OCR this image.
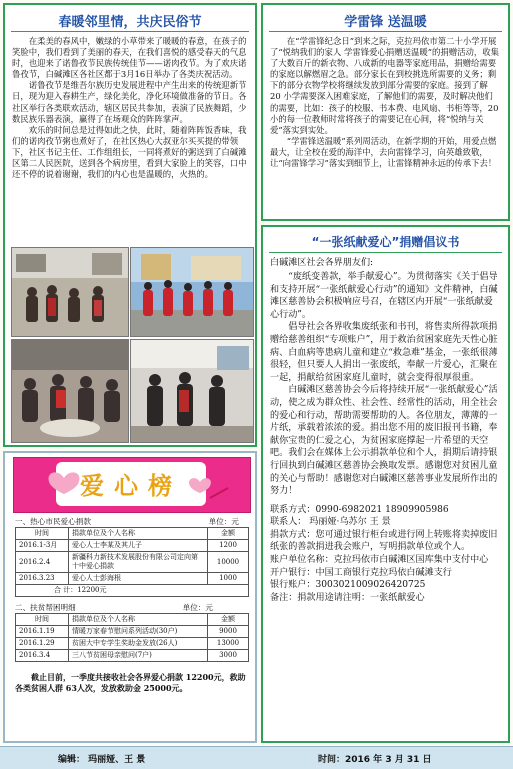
春暖邻里情，共庆民俗节

在柔美的春风中，嫩绿的小草带来了暖暖的春意，在孩子的笑脸中，我们看到了美丽的春天，在我们喜悦的感受春天的气息时，也迎来了诺鲁孜节民族传统佳节——诺肉孜节。为了欢庆诺鲁孜节，白碱滩区各社区都于3月16日举办了各类庆祝活动。

诺鲁孜节是维吾尔族历史发展进程中产生出来的传统迎新节日，现为迎入春耕生产，绿化美化，净化环境做准备的节日。各社区举行各类联欢活动，辖区居民共参加，表演了民族舞蹈，少数民族乐器表演，赢得了在场观众的阵阵掌声。

欢乐的时间总是过得如此之快，此时，随着阵阵饭香味，我们的诺肉孜节粥也煮好了，在社区热心大叔亚尔买买提的带领下，社区书记主任、工作组组长，一同将煮好的粥送到了白碱滩区第二人民医院，送到各个病房里，看到大家脸上的笑容，口中还不停的说着谢谢，我们的内心也是温暖的，火热的。

爱心榜
一、热心市民爱心捐款	单位：元
时间	捐款单位及个人名称	金额
2016.1-3月	爱心人士李某及其儿子	1200
2016.2.4	新疆科力新技术发展股份有限公司定向第十中爱心捐款	10000
2016.3.23	爱心人士彭海根	1000
合 计：12200元		
二、扶贫帮困明细	单位：元
时间	捐款单位及个人名称	金额
2016.1.19	情暖万家春节慰问系列活动(30户)	9000
2016.1.29	贫困大中专学生奖助金发放(26人)	13000
2016.3.4	三八节贫困母亲慰问(7户)	3000
截止目前，一季度共接收社会各界爱心捐款 12200元，救助各类贫困人群 63人次，发放救助金 25000元。
学雷锋 送温暖

在“学雷锋纪念日”到来之际，克拉玛依市第二十小学开展了“悦纳我们的家人 学雷锋爱心捐赠送温暖”的捐赠活动，收集了大数百斤的新衣物、八成新的电器等家庭用品，捐赠给需要的家庭以解燃眉之急。部分家长在到校挑选所需要的义务；剩下的部分衣物学校将继续发放到部分需要的家庭。接到了解 20 小学需要深入困难家庭，了解他们的需要，及时解决他们的需要，比如：孩子的校服、书本费、电风扇、书柜等等，20小的每一位教师时常将孩子的需要记在心间，将“悦纳与关爱”落实到实处。

“学雷锋送温暖”系列周活动，在新学期的开始，用爱点燃最大，让全校在爱的海洋中，去向雷锋学习，向英雄致敬，让“向雷锋学习”落实到细节上，让雷锋精神永远的传承下去！

“一张纸献爱心”捐赠倡议书
白碱滩区社会各界朋友们:

“废纸变善款，举手献爱心”。为贯彻落实《关于倡导和支持开展“一张纸献爱心行动”的通知》文件精神，白碱滩区慈善协会积极响应号召，在辖区内开展“一张纸献爱心行动”。

倡导社会各界收集废纸张和书刊，将售卖所得款项捐赠给慈善组织“专项账户”，用于救治贫困家庭先天性心脏病、白血病等患病儿童和建立“救急难”基金，一张纸很薄很轻，但只要人人捐出一张废纸，奉献一片爱心，汇聚在一起，捐献给贫困家庭儿童时，就会变得很厚很重。

白碱滩区慈善协会今后将持续开展“一张纸献爱心”活动，使之成为群众性、社会性、经常性的活动，用全社会的爱心和行动，帮助需要帮助的人。各位朋友，薄薄的一片纸，承载着浓浓的爱。捐出您不用的废旧报刊书籍，奉献你宝贵的仁爱之心，为贫困家庭撑起一片希望的天空吧。我们会在媒体上公示捐款单位和个人，捐期后请持银行回执到白碱滩区慈善协会换取发票。感谢您对贫困儿童的关心与帮助！感谢您对白碱滩区慈善事业发展所作出的努力！

联系方式：0990-6982021 18909905986
联系人： 玛丽娅·乌苏尔 王 景
捐款方式：您可通过银行柜台或进行网上转账将卖掉废旧纸张的善款捐进我会账户，写明捐款单位或个人。
账户单位名称：克拉玛依市白碱滩区国库集中支付中心
开户银行：中国工商银行克拉玛依白碱滩支行
银行账户：3003021009026420725
备注：捐款用途请注明：一张纸献爱心
编辑： 玛丽娅、王 景	时间：2016 年 3 月 31 日
